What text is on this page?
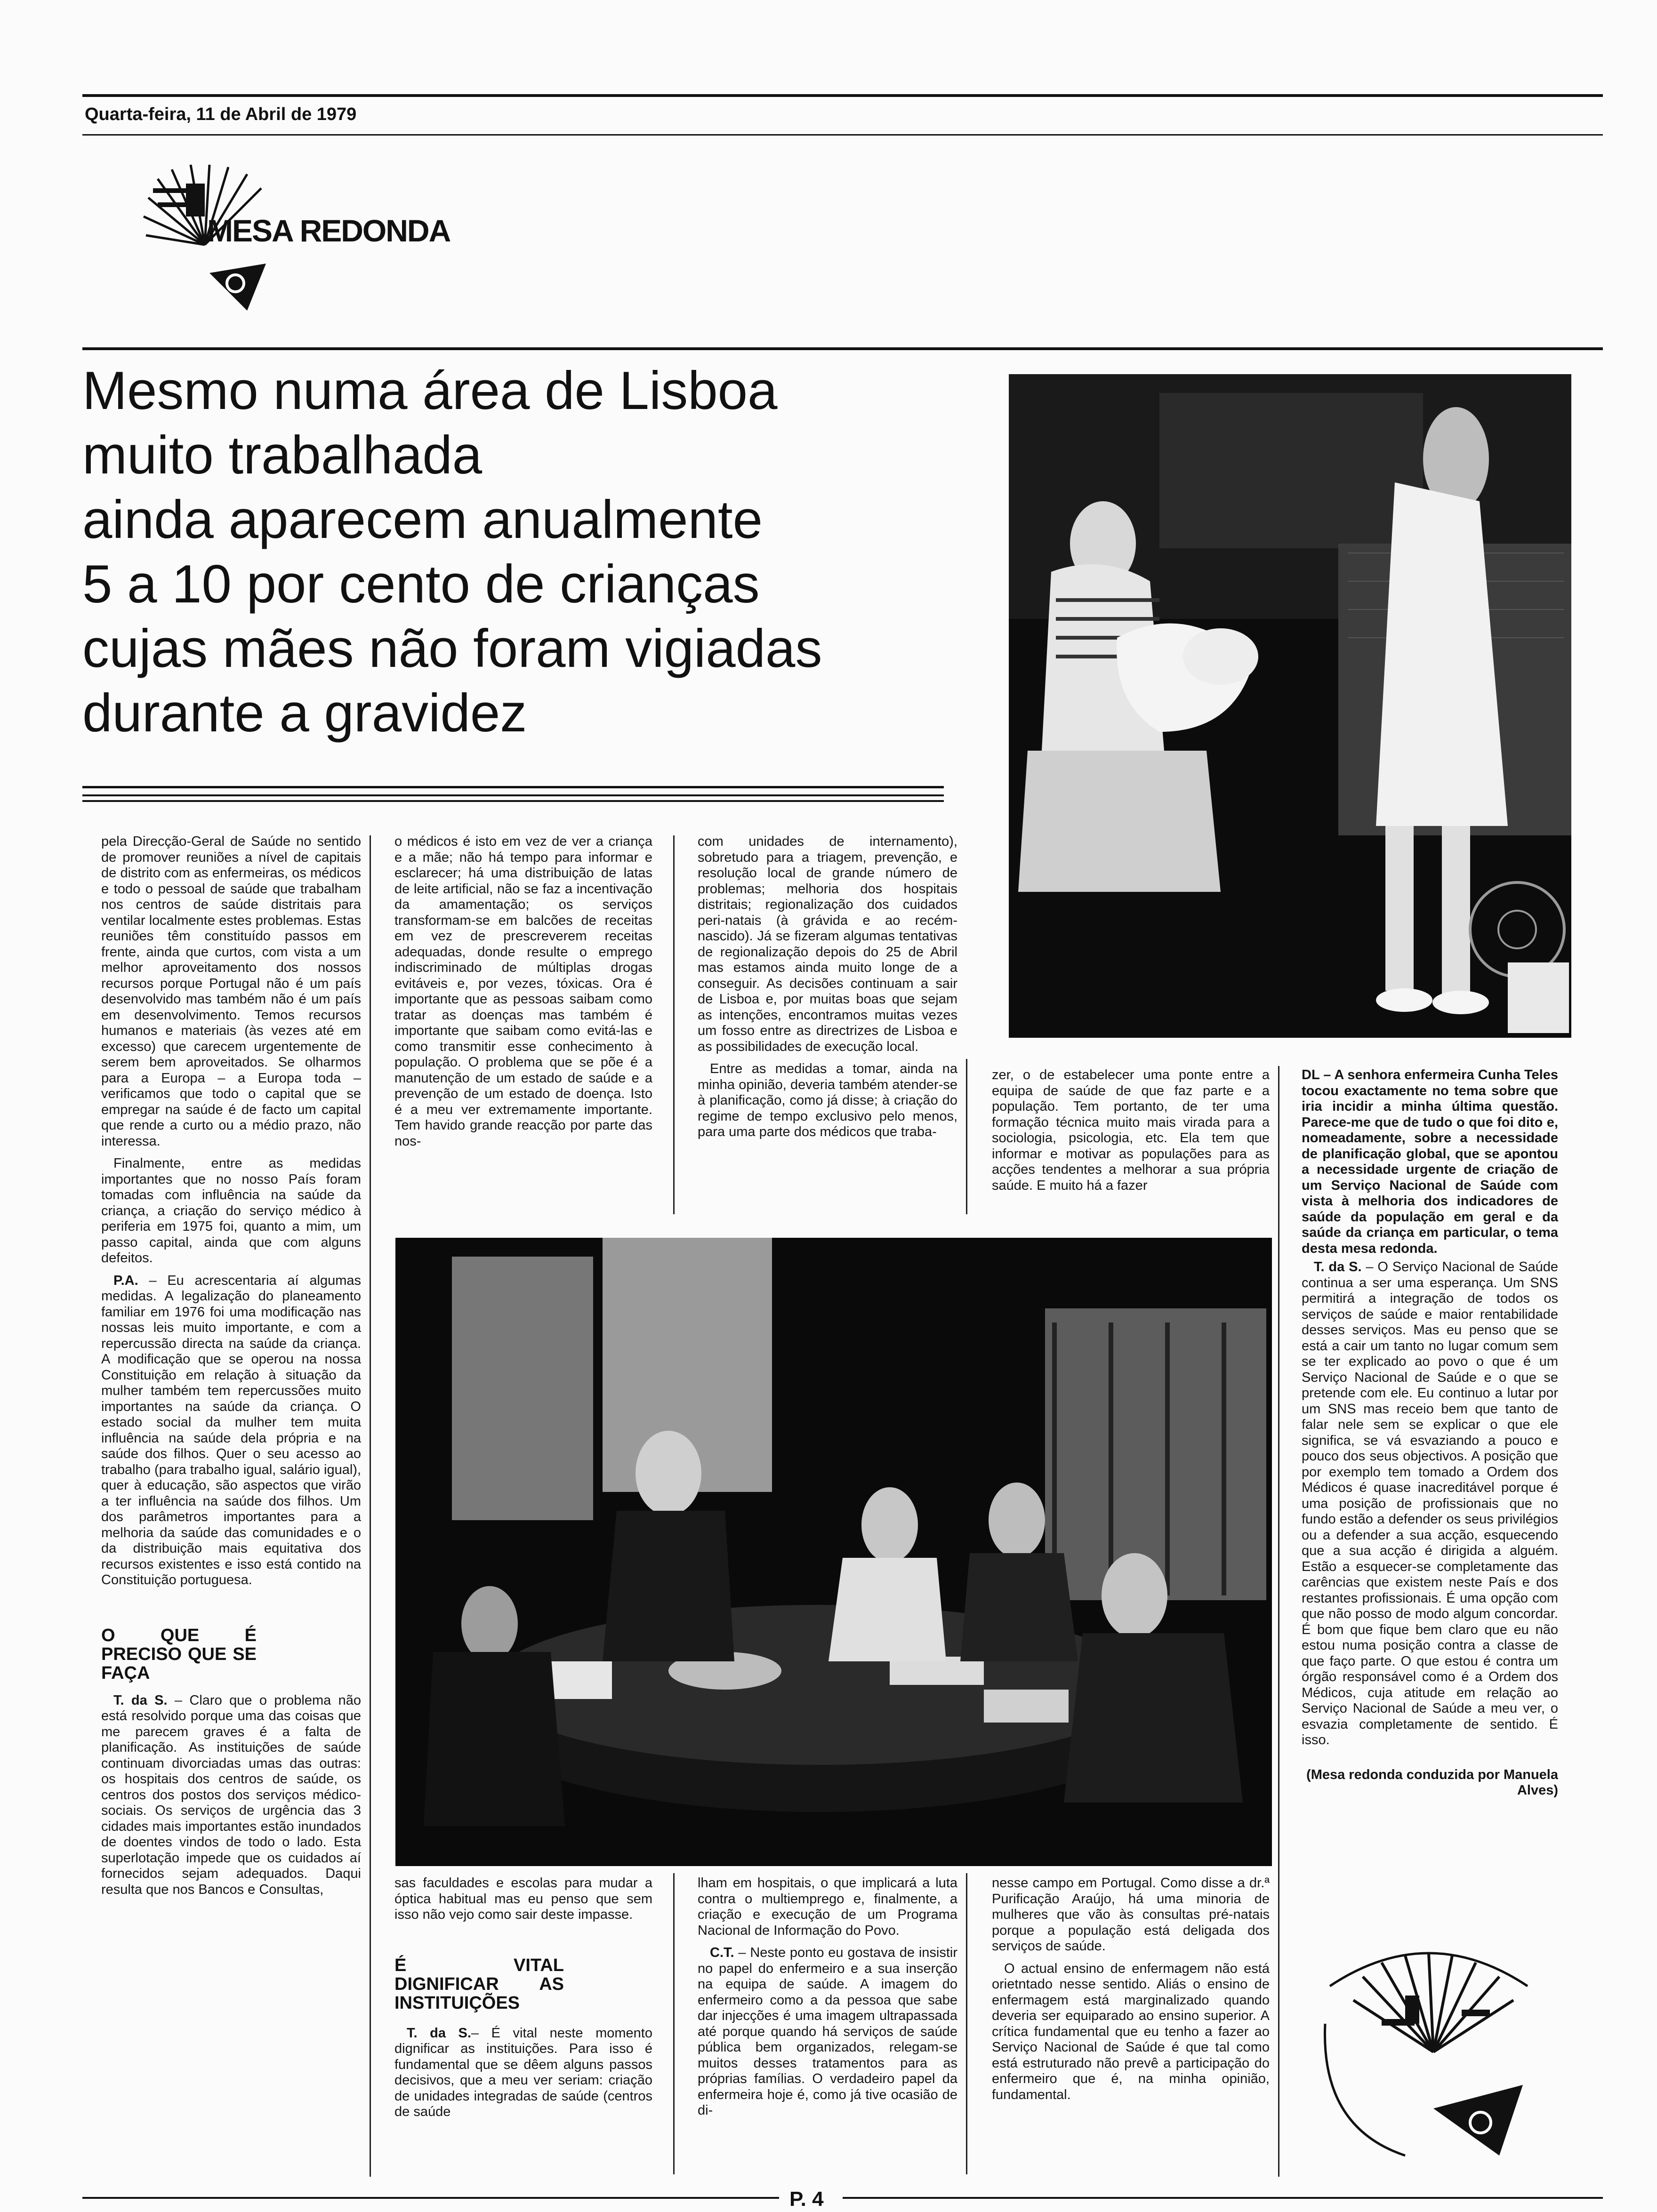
Quarta-feira, 11 de Abril de 1979
MESA REDONDA
Mesmo numa área de Lisboa
muito trabalhada
ainda aparecem anualmente
5 a 10 por cento de crianças
cujas mães não foram vigiadas
durante a gravidez

pela Direcção-Geral de Saúde no sentido de promover reuniões a nível de capitais de distrito com as enfermeiras, os médicos e todo o pessoal de saúde que trabalham nos centros de saúde distritais para ventilar localmente estes problemas. Estas reuniões têm constituído passos em frente, ainda que curtos, com vista a um melhor aproveitamento dos nossos recursos porque Portugal não é um país desenvolvido mas também não é um país em desenvolvimento. Temos recursos humanos e materiais (às vezes até em excesso) que carecem urgentemente de serem bem aproveitados. Se olharmos para a Europa – a Europa toda – verificamos que todo o capital que se empregar na saúde é de facto um capital que rende a curto ou a médio prazo, não interessa.

Finalmente, entre as medidas importantes que no nosso País foram tomadas com influência na saúde da criança, a criação do serviço médico à periferia em 1975 foi, quanto a mim, um passo capital, ainda que com alguns defeitos.

P.A. – Eu acrescentaria aí algumas medidas. A legalização do planeamento familiar em 1976 foi uma modificação nas nossas leis muito importante, e com a repercussão directa na saúde da criança. A modificação que se operou na nossa Constituição em relação à situação da mulher também tem repercussões muito importantes na saúde da criança. O estado social da mulher tem muita influência na saúde dela própria e na saúde dos filhos. Quer o seu acesso ao trabalho (para trabalho igual, salário igual), quer à educação, são aspectos que virão a ter influência na saúde dos filhos. Um dos parâmetros importantes para a melhoria da saúde das comunidades e o da distribuição mais equitativa dos recursos existentes e isso está contido na Constituição portuguesa.

O QUE É PRECISO QUE SE FAÇA

T. da S. – Claro que o problema não está resolvido porque uma das coisas que me parecem graves é a falta de planificação. As instituições de saúde continuam divorciadas umas das outras: os hospitais dos centros de saúde, os centros dos postos dos serviços médico-sociais. Os serviços de urgência das 3 cidades mais importantes estão inundados de doentes vindos de todo o lado. Esta superlotação impede que os cuidados aí fornecidos sejam adequados. Daqui resulta que nos Bancos e Consultas,

o médicos é isto em vez de ver a criança e a mãe; não há tempo para informar e esclarecer; há uma distribuição de latas de leite artificial, não se faz a incentivação da amamentação; os serviços transformam-se em balcões de receitas em vez de prescreverem receitas adequadas, donde resulte o emprego indiscriminado de múltiplas drogas evitáveis e, por vezes, tóxicas. Ora é importante que as pessoas saibam como tratar as doenças mas também é importante que saibam como evitá-las e como transmitir esse conhecimento à população. O problema que se põe é a manutenção de um estado de saúde e a prevenção de um estado de doença. Isto é a meu ver extremamente importante. Tem havido grande reacção por parte das nos-

com unidades de internamento), sobretudo para a triagem, prevenção, e resolução local de grande número de problemas; melhoria dos hospitais distritais; regionalização dos cuidados peri-natais (à grávida e ao recém-nascido). Já se fizeram algumas tentativas de regionalização depois do 25 de Abril mas estamos ainda muito longe de a conseguir. As decisões continuam a sair de Lisboa e, por muitas boas que sejam as intenções, encontramos muitas vezes um fosso entre as directrizes de Lisboa e as possibilidades de execução local.

Entre as medidas a tomar, ainda na minha opinião, deveria também atender-se à planificação, como já disse; à criação do regime de tempo exclusivo pelo menos, para uma parte dos médicos que traba-

zer, o de estabelecer uma ponte entre a equipa de saúde de que faz parte e a população. Tem portanto, de ter uma formação técnica muito mais virada para a sociologia, psicologia, etc. Ela tem que informar e motivar as populações para as acções tendentes a melhorar a sua própria saúde. E muito há a fazer

DL – A senhora enfermeira Cunha Teles tocou exactamente no tema sobre que iria incidir a minha última questão. Parece-me que de tudo o que foi dito e, nomeadamente, sobre a necessidade de planificação global, que se apontou a necessidade urgente de criação de um Serviço Nacional de Saúde com vista à melhoria dos indicadores de saúde da população em geral e da saúde da criança em particular, o tema desta mesa redonda.

T. da S. – O Serviço Nacional de Saúde continua a ser uma esperança. Um SNS permitirá a integração de todos os serviços de saúde e maior rentabilidade desses serviços. Mas eu penso que se está a cair um tanto no lugar comum sem se ter explicado ao povo o que é um Serviço Nacional de Saúde e o que se pretende com ele. Eu continuo a lutar por um SNS mas receio bem que tanto de falar nele sem se explicar o que ele significa, se vá esvaziando a pouco e pouco dos seus objectivos. A posição que por exemplo tem tomado a Ordem dos Médicos é quase inacreditável porque é uma posição de profissionais que no fundo estão a defender os seus privilégios ou a defender a sua acção, esquecendo que a sua acção é dirigida a alguém. Estão a esquecer-se completamente das carências que existem neste País e dos restantes profissionais. É uma opção com que não posso de modo algum concordar. É bom que fique bem claro que eu não estou numa posição contra a classe de que faço parte. O que estou é contra um órgão responsável como é a Ordem dos Médicos, cuja atitude em relação ao Serviço Nacional de Saúde a meu ver, o esvazia completamente de sentido. É isso.

(Mesa redonda conduzida por Manuela Alves)

sas faculdades e escolas para mudar a óptica habitual mas eu penso que sem isso não vejo como sair deste impasse.

É VITAL DIGNIFICAR AS INSTITUIÇÕES

T. da S.– É vital neste momento dignificar as instituições. Para isso é fundamental que se dêem alguns passos decisivos, que a meu ver seriam: criação de unidades integradas de saúde (centros de saúde

lham em hospitais, o que implicará a luta contra o multiemprego e, finalmente, a criação e execução de um Programa Nacional de Informação do Povo.

C.T. – Neste ponto eu gostava de insistir no papel do enfermeiro e a sua inserção na equipa de saúde. A imagem do enfermeiro como a da pessoa que sabe dar injecções é uma imagem ultrapassada até porque quando há serviços de saúde pública bem organizados, relegam-se muitos desses tratamentos para as próprias famílias. O verdadeiro papel da enfermeira hoje é, como já tive ocasião de di-

nesse campo em Portugal. Como disse a dr.ª Purificação Araújo, há uma minoria de mulheres que vão às consultas pré-natais porque a população está deligada dos serviços de saúde.

O actual ensino de enfermagem não está orietntado nesse sentido. Aliás o ensino de enfermagem está marginalizado quando deveria ser equiparado ao ensino superior. A crítica fundamental que eu tenho a fazer ao Serviço Nacional de Saúde é que tal como está estruturado não prevê a participação do enfermeiro que é, na minha opinião, fundamental.

P. 4
